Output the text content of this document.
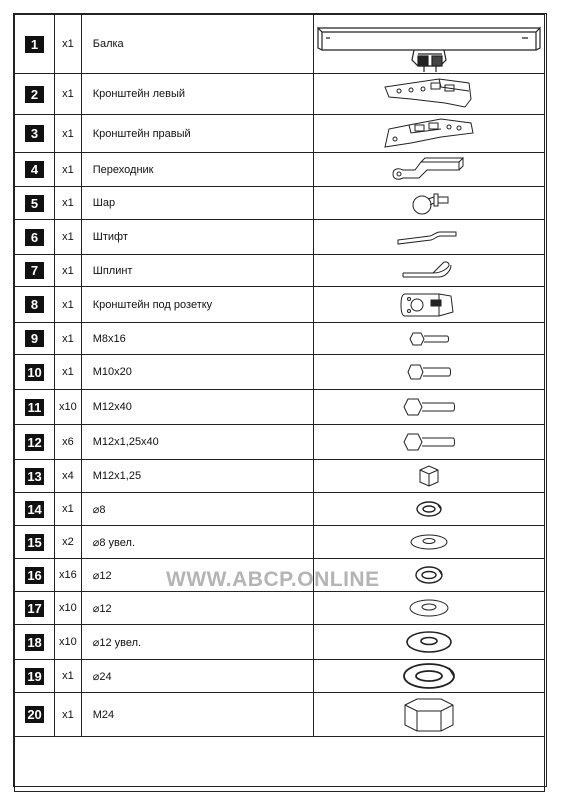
1	x1	Балка	

2	x1	Кронштейн левый	

3	x1	Кронштейн правый	

4	x1	Переходник	

5	x1	Шар	

6	x1	Штифт	

7	x1	Шплинт	

8	x1	Кронштейн под розетку	

9	x1	M8x16	

10	x1	M10x20	

11	x10	M12x40	

12	x6	M12x1,25x40	

13	x4	M12x1,25	

14	x1	⌀8	

15	x2	⌀8 увел.	

16	x16	⌀12	

17	x10	⌀12	

18	x10	⌀12 увел.	

19	x1	⌀24	

20	x1	M24	

WWW.ABCP.ONLINE
